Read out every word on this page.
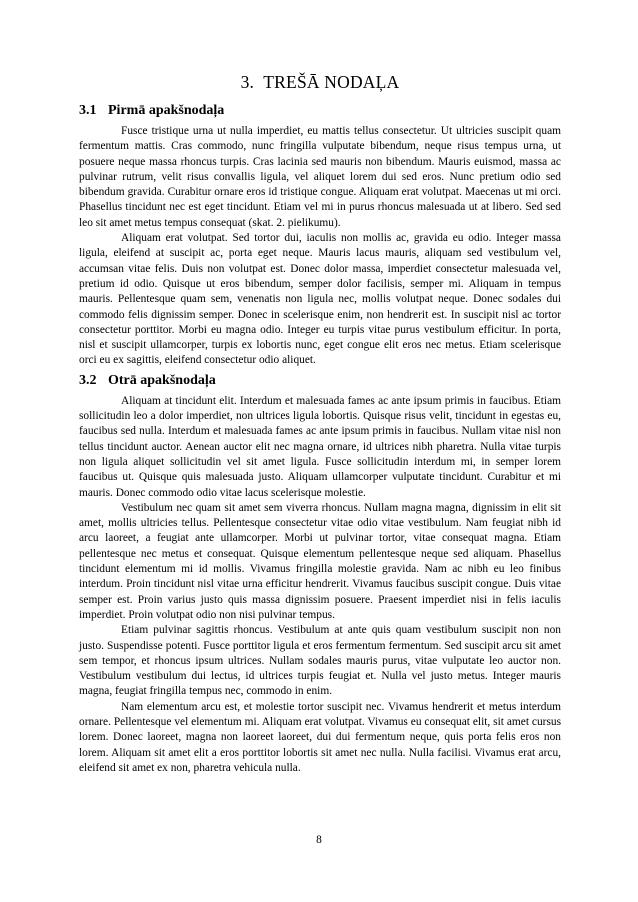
3. TREŠĀ NODAĻA
3.1 Pirmā apakšnodaļa

Fusce tristique urna ut nulla imperdiet, eu mattis tellus consectetur. Ut ultricies suscipit quam fermentum mattis. Cras commodo, nunc fringilla vulputate bibendum, neque risus tempus urna, ut posuere neque massa rhoncus turpis. Cras lacinia sed mauris non bibendum. Mauris euismod, massa ac pulvinar rutrum, velit risus convallis ligula, vel aliquet lorem dui sed eros. Nunc pretium odio sed bibendum gravida. Curabitur ornare eros id tristique congue. Aliquam erat volutpat. Maecenas ut mi orci. Phasellus tincidunt nec est eget tincidunt. Etiam vel mi in purus rhoncus malesuada ut at libero. Sed sed leo sit amet metus tempus consequat (skat. 2. pielikumu).

Aliquam erat volutpat. Sed tortor dui, iaculis non mollis ac, gravida eu odio. Integer massa ligula, eleifend at suscipit ac, porta eget neque. Mauris lacus mauris, aliquam sed vestibulum vel, accumsan vitae felis. Duis non volutpat est. Donec dolor massa, imperdiet consectetur malesuada vel, pretium id odio. Quisque ut eros bibendum, semper dolor facilisis, semper mi. Aliquam in tempus mauris. Pellentesque quam sem, venenatis non ligula nec, mollis volutpat neque. Donec sodales dui commodo felis dignissim semper. Donec in scelerisque enim, non hendrerit est. In suscipit nisl ac tortor consectetur porttitor. Morbi eu magna odio. Integer eu turpis vitae purus vestibulum efficitur. In porta, nisl et suscipit ullamcorper, turpis ex lobortis nunc, eget congue elit eros nec metus. Etiam scelerisque orci eu ex sagittis, eleifend consectetur odio aliquet.

3.2 Otrā apakšnodaļa

Aliquam at tincidunt elit. Interdum et malesuada fames ac ante ipsum primis in faucibus. Etiam sollicitudin leo a dolor imperdiet, non ultrices ligula lobortis. Quisque risus velit, tincidunt in egestas eu, faucibus sed nulla. Interdum et malesuada fames ac ante ipsum primis in faucibus. Nullam vitae nisl non tellus tincidunt auctor. Aenean auctor elit nec magna ornare, id ultrices nibh pharetra. Nulla vitae turpis non ligula aliquet sollicitudin vel sit amet ligula. Fusce sollicitudin interdum mi, in semper lorem faucibus ut. Quisque quis malesuada justo. Aliquam ullamcorper vulputate tincidunt. Curabitur et mi mauris. Donec commodo odio vitae lacus scelerisque molestie.

Vestibulum nec quam sit amet sem viverra rhoncus. Nullam magna magna, dignissim in elit sit amet, mollis ultricies tellus. Pellentesque consectetur vitae odio vitae vestibulum. Nam feugiat nibh id arcu laoreet, a feugiat ante ullamcorper. Morbi ut pulvinar tortor, vitae consequat magna. Etiam pellentesque nec metus et consequat. Quisque elementum pellentesque neque sed aliquam. Phasellus tincidunt elementum mi id mollis. Vivamus fringilla molestie gravida. Nam ac nibh eu leo finibus interdum. Proin tincidunt nisl vitae urna efficitur hendrerit. Vivamus faucibus suscipit congue. Duis vitae semper est. Proin varius justo quis massa dignissim posuere. Praesent imperdiet nisi in felis iaculis imperdiet. Proin volutpat odio non nisi pulvinar tempus.

Etiam pulvinar sagittis rhoncus. Vestibulum at ante quis quam vestibulum suscipit non non justo. Suspendisse potenti. Fusce porttitor ligula et eros fermentum fermentum. Sed suscipit arcu sit amet sem tempor, et rhoncus ipsum ultrices. Nullam sodales mauris purus, vitae vulputate leo auctor non. Vestibulum vestibulum dui lectus, id ultrices turpis feugiat et. Nulla vel justo metus. Integer mauris magna, feugiat fringilla tempus nec, commodo in enim.

Nam elementum arcu est, et molestie tortor suscipit nec. Vivamus hendrerit et metus interdum ornare. Pellentesque vel elementum mi. Aliquam erat volutpat. Vivamus eu consequat elit, sit amet cursus lorem. Donec laoreet, magna non laoreet laoreet, dui dui fermentum neque, quis porta felis eros non lorem. Aliquam sit amet elit a eros porttitor lobortis sit amet nec nulla. Nulla facilisi. Vivamus erat arcu, eleifend sit amet ex non, pharetra vehicula nulla.

8
